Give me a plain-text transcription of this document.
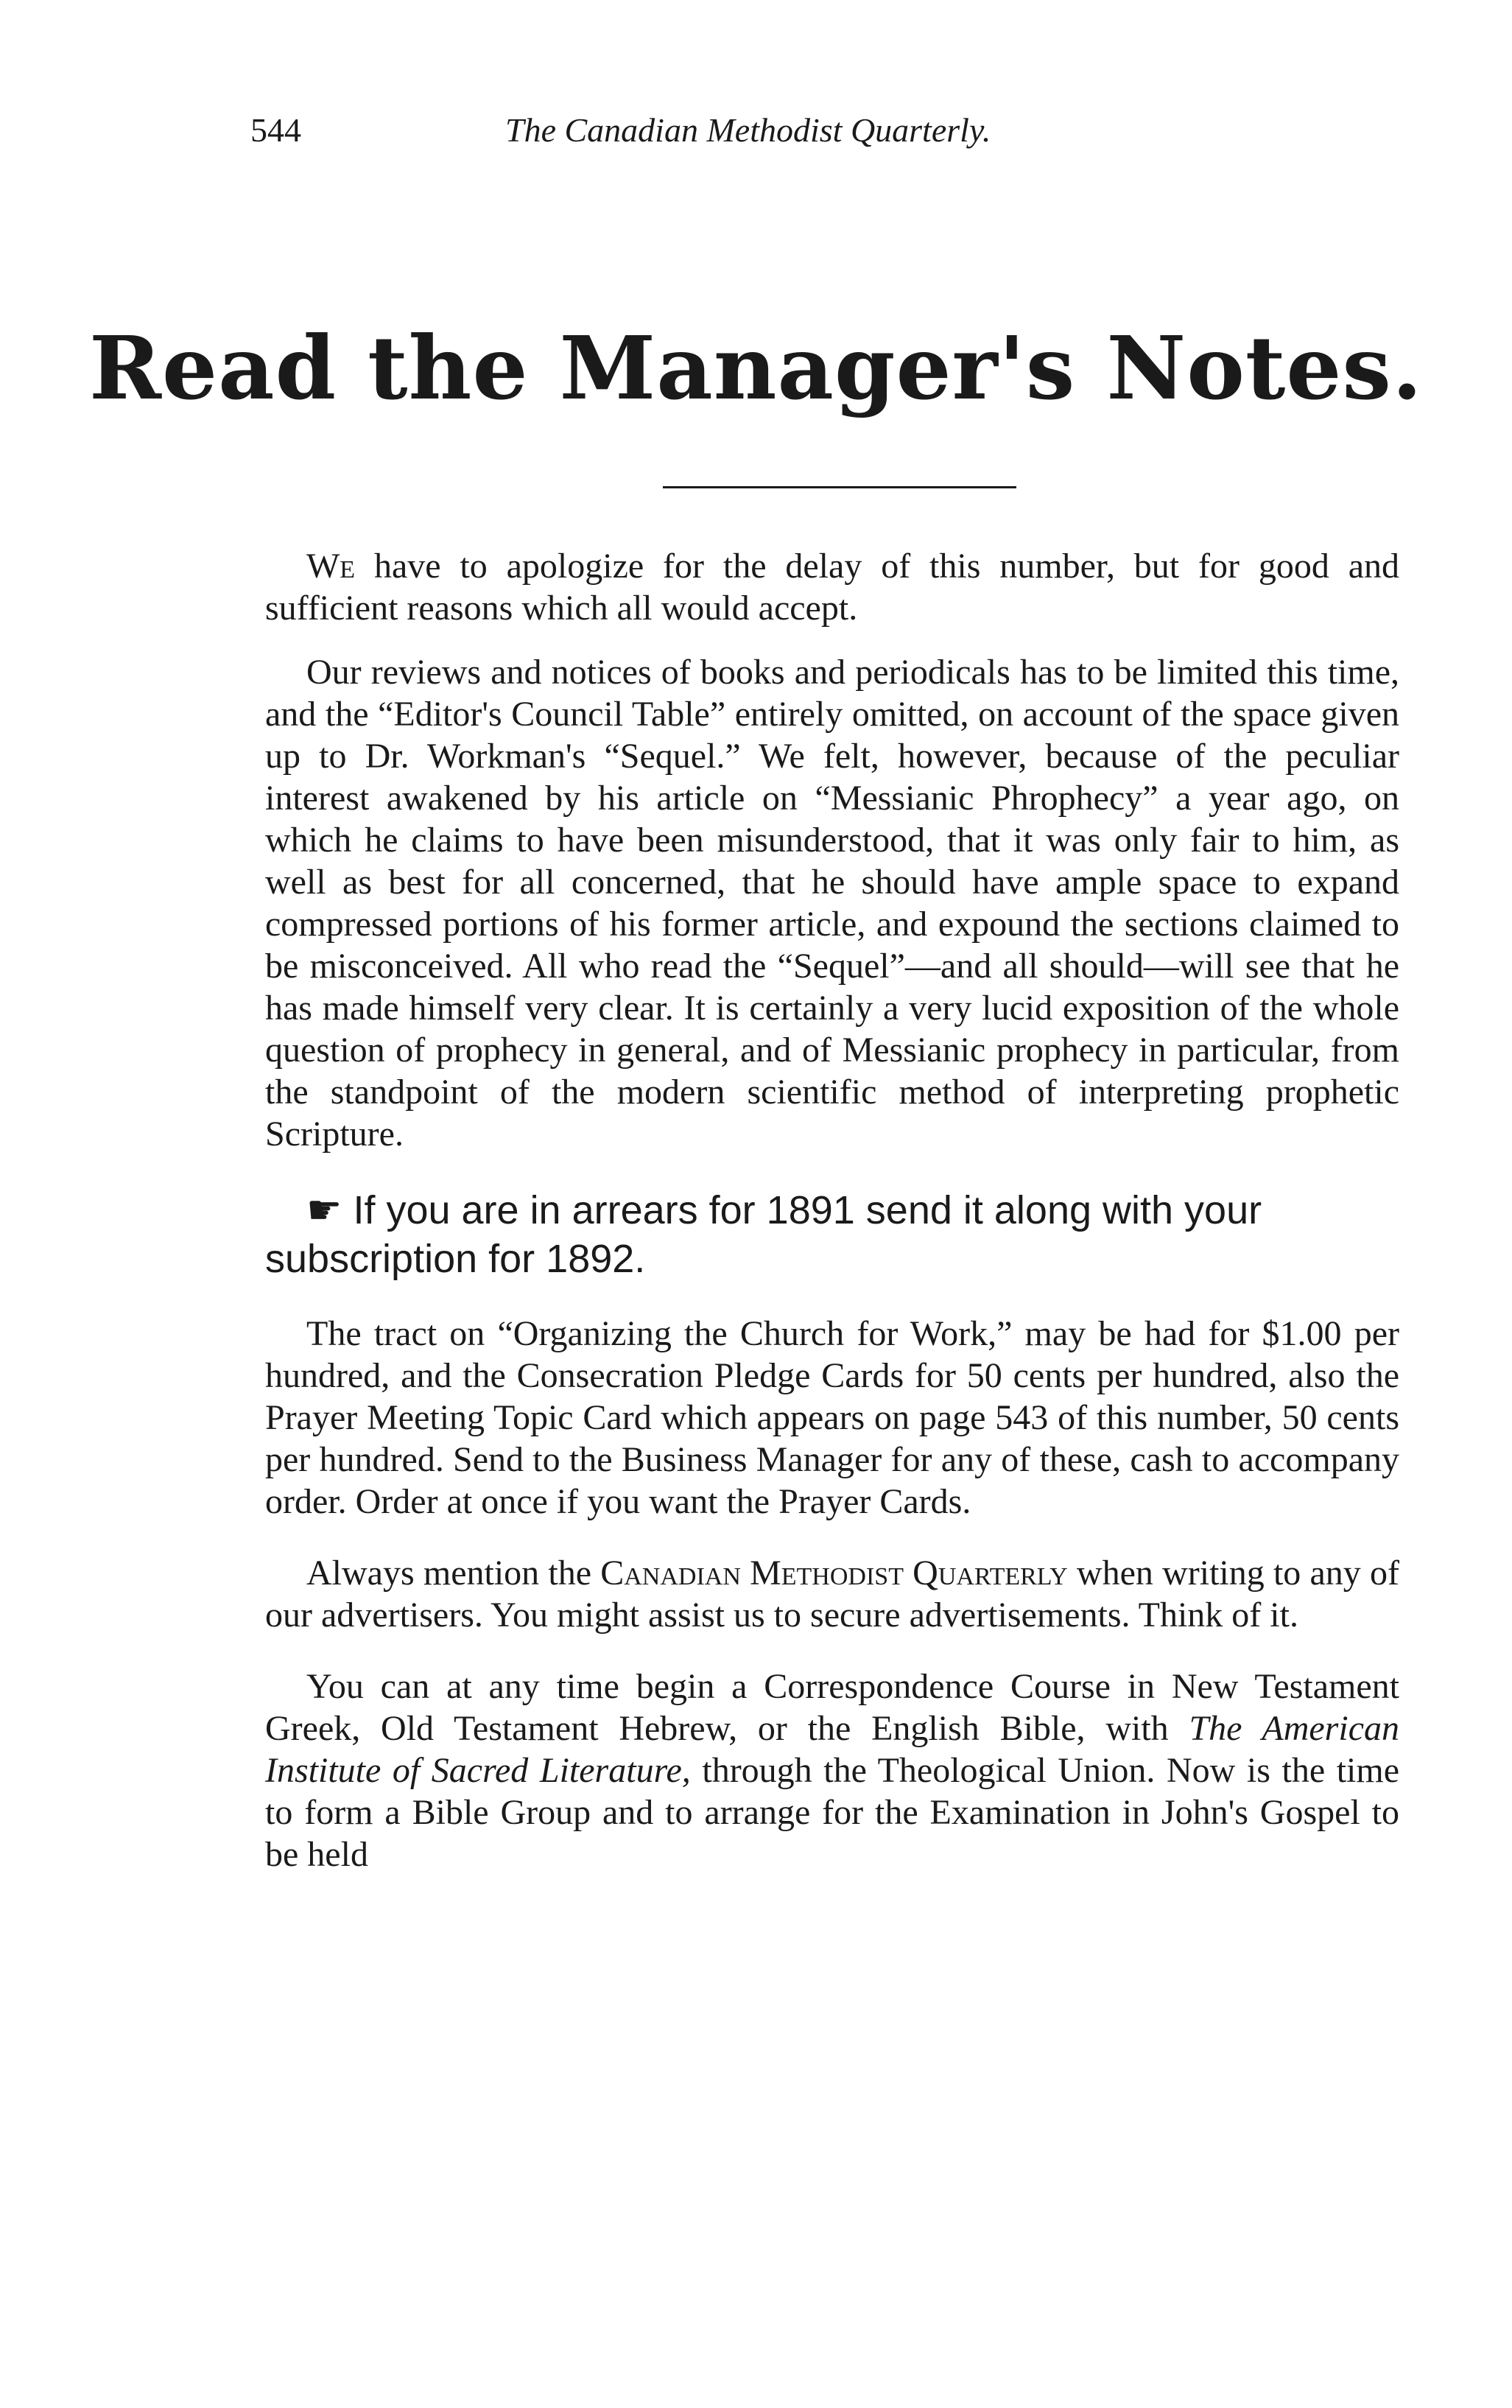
544	The Canadian Methodist Quarterly.
Read the Manager's Notes.

We have to apologize for the delay of this number, but for good and sufficient reasons which all would accept.

Our reviews and notices of books and periodicals has to be limited this time, and the “Editor's Council Table” entirely omitted, on account of the space given up to Dr. Workman's “Sequel.” We felt, however, because of the peculiar interest awakened by his article on “Messianic Phrophecy” a year ago, on which he claims to have been misunderstood, that it was only fair to him, as well as best for all concerned, that he should have ample space to expand compressed portions of his former article, and expound the sections claimed to be misconceived. All who read the “Sequel”—and all should—will see that he has made himself very clear. It is certainly a very lucid exposition of the whole question of prophecy in general, and of Messianic prophecy in particular, from the standpoint of the modern scientific method of interpreting prophetic Scripture.

☛ If you are in arrears for 1891 send it along with your subscription for 1892.

The tract on “Organizing the Church for Work,” may be had for $1.00 per hundred, and the Consecration Pledge Cards for 50 cents per hundred, also the Prayer Meeting Topic Card which appears on page 543 of this number, 50 cents per hundred. Send to the Business Manager for any of these, cash to accompany order. Order at once if you want the Prayer Cards.

Always mention the Canadian Methodist Quarterly when writing to any of our advertisers. You might assist us to secure advertisements. Think of it.

You can at any time begin a Correspondence Course in New Testament Greek, Old Testament Hebrew, or the English Bible, with The American Institute of Sacred Literature, through the Theological Union. Now is the time to form a Bible Group and to arrange for the Examination in John's Gospel to be held
